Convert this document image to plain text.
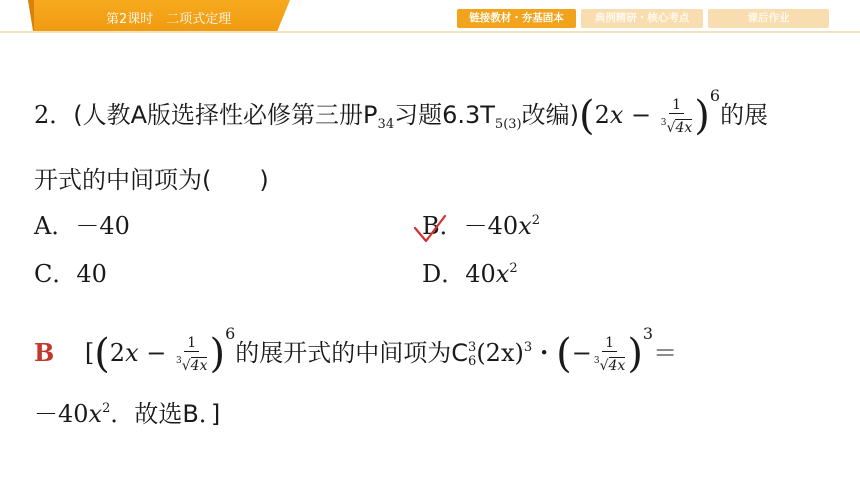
第2课时　二项式定理	链接教材・夯基固本	典例精研・核心考点	课后作业
2．(人教A版选择性必修第三册$P_{34}$习题$6.3T_{5(3)}$改编)$(2x - \frac{1}{^3√4x} )^6$的展
开式的中间项为(　　)
A．－40	B．$-40x^2$
C．40	D．$40x^2$
B [$(2x - \frac{1}{^3√4x} )^6$的展开式的中间项为C 3
6 $(2x)^3$・(− $\frac{1}{^3√4x} )^3=$
$-40x^2$．故选B．]
